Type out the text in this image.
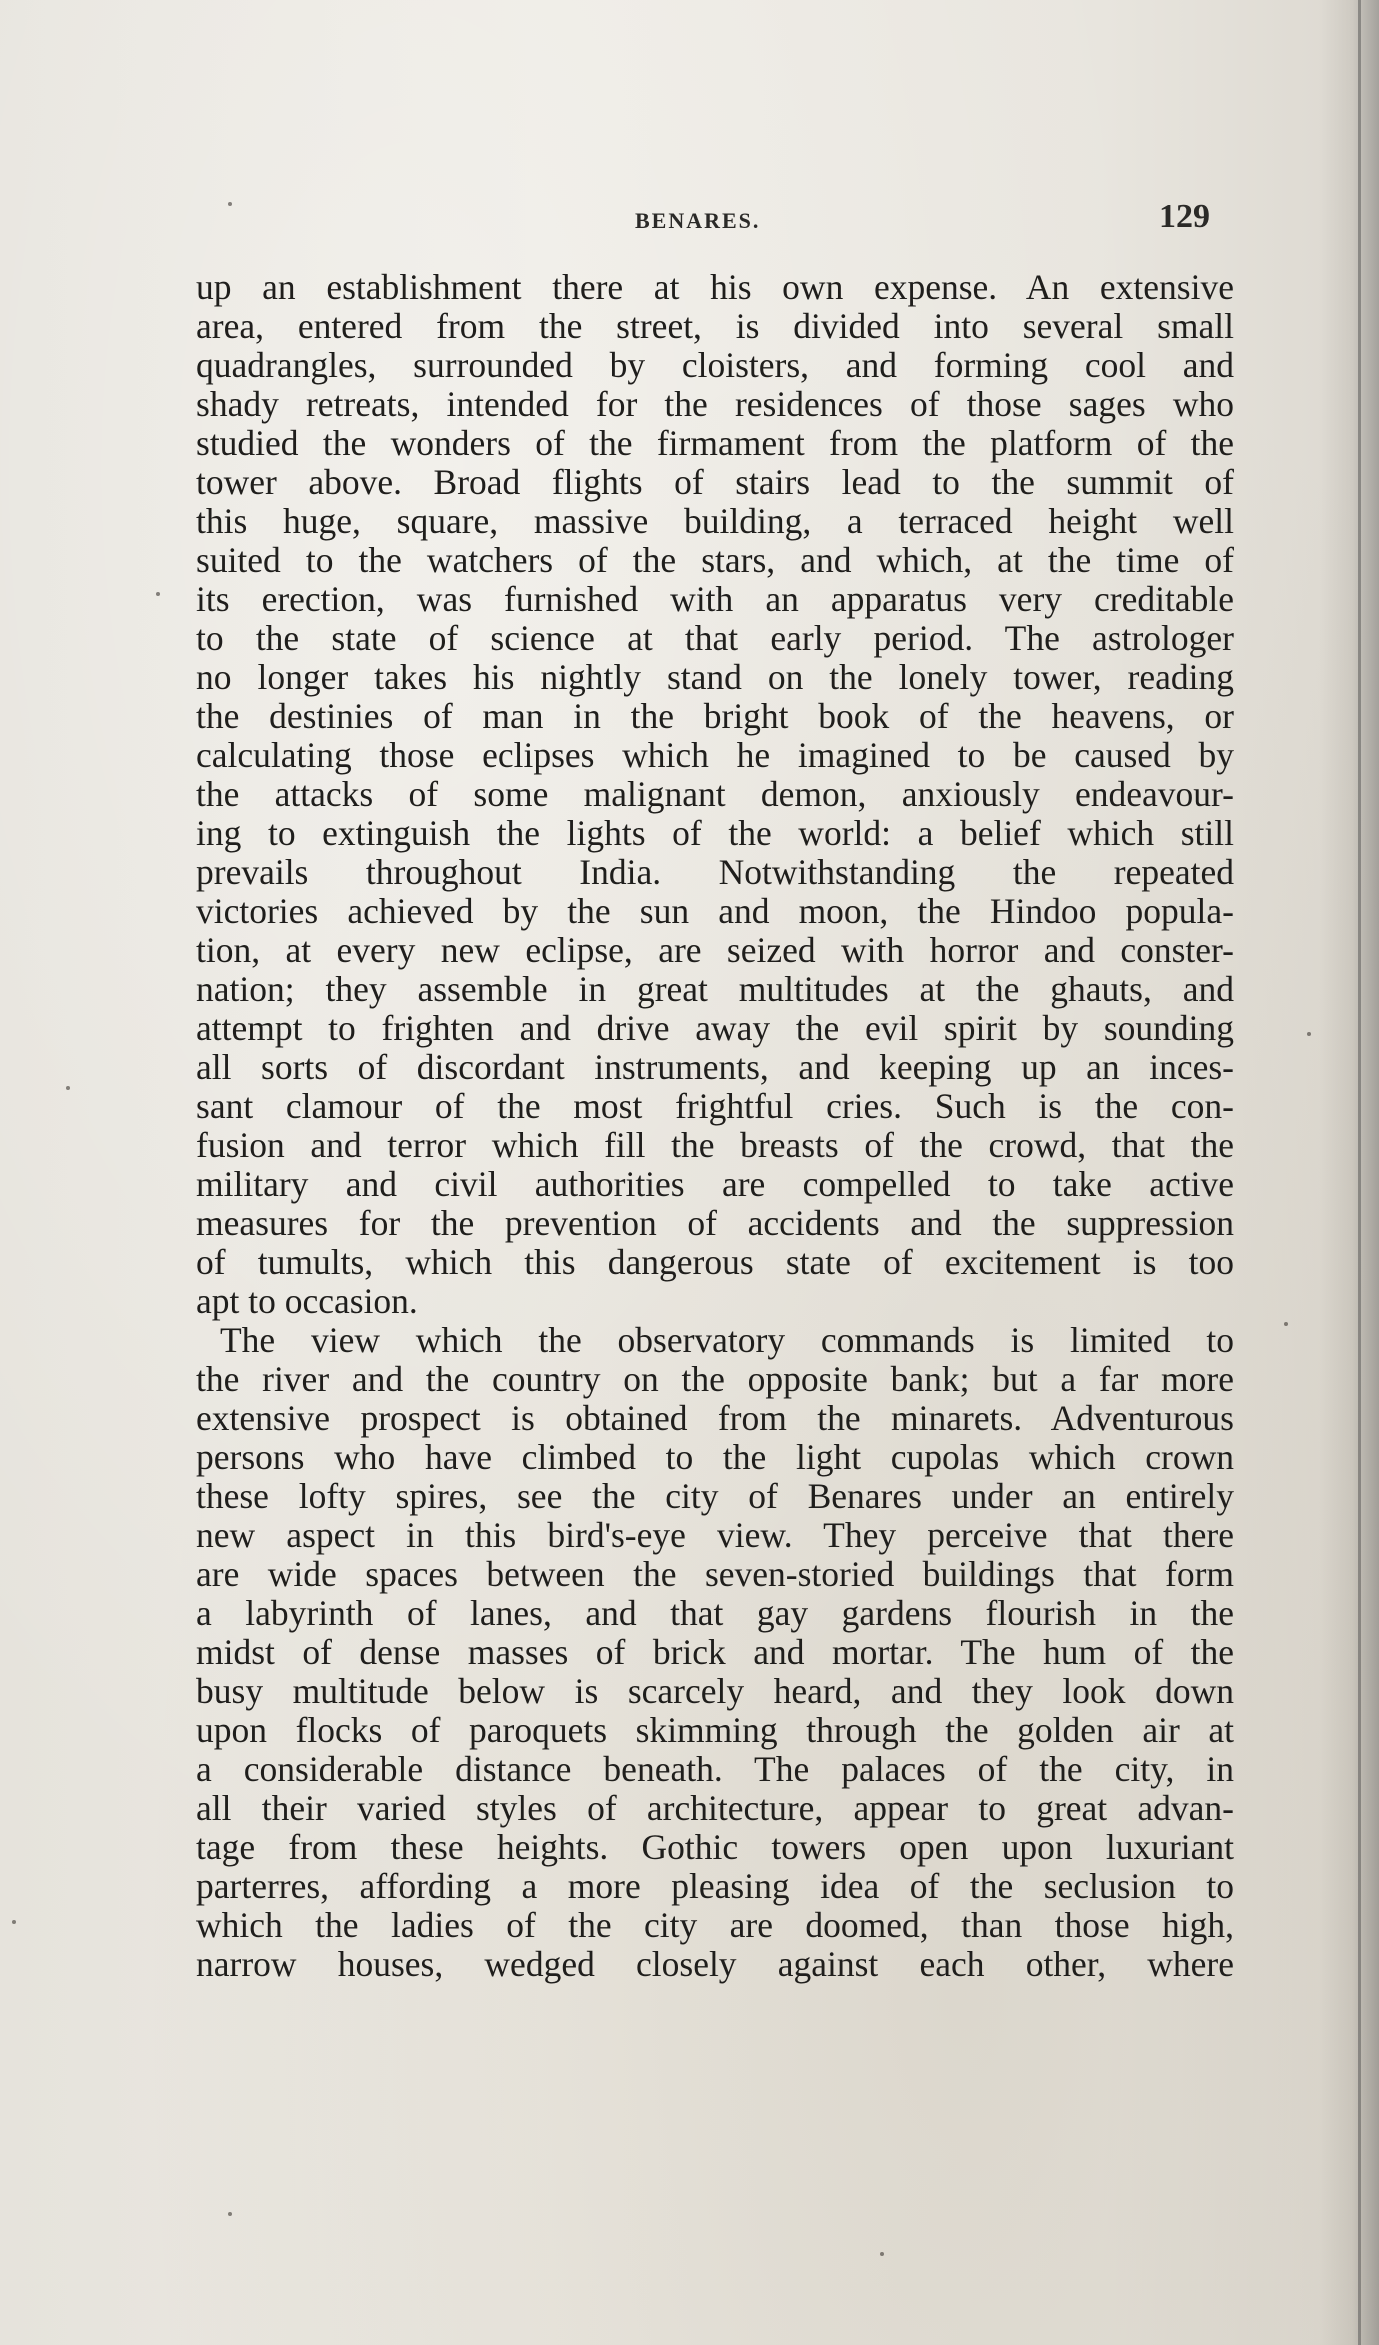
BENARES.	129
up an establishment there at his own expense. An extensive
area, entered from the street, is divided into several small
quadrangles, surrounded by cloisters, and forming cool and
shady retreats, intended for the residences of those sages who
studied the wonders of the firmament from the platform of the
tower above. Broad flights of stairs lead to the summit of
this huge, square, massive building, a terraced height well
suited to the watchers of the stars, and which, at the time of
its erection, was furnished with an apparatus very creditable
to the state of science at that early period. The astrologer
no longer takes his nightly stand on the lonely tower, reading
the destinies of man in the bright book of the heavens, or
calculating those eclipses which he imagined to be caused by
the attacks of some malignant demon, anxiously endeavour-
ing to extinguish the lights of the world: a belief which still
prevails throughout India. Notwithstanding the repeated
victories achieved by the sun and moon, the Hindoo popula-
tion, at every new eclipse, are seized with horror and conster-
nation; they assemble in great multitudes at the ghauts, and
attempt to frighten and drive away the evil spirit by sounding
all sorts of discordant instruments, and keeping up an inces-
sant clamour of the most frightful cries. Such is the con-
fusion and terror which fill the breasts of the crowd, that the
military and civil authorities are compelled to take active
measures for the prevention of accidents and the suppression
of tumults, which this dangerous state of excitement is too
apt to occasion.
The view which the observatory commands is limited to
the river and the country on the opposite bank; but a far more
extensive prospect is obtained from the minarets. Adventurous
persons who have climbed to the light cupolas which crown
these lofty spires, see the city of Benares under an entirely
new aspect in this bird's-eye view. They perceive that there
are wide spaces between the seven-storied buildings that form
a labyrinth of lanes, and that gay gardens flourish in the
midst of dense masses of brick and mortar. The hum of the
busy multitude below is scarcely heard, and they look down
upon flocks of paroquets skimming through the golden air at
a considerable distance beneath. The palaces of the city, in
all their varied styles of architecture, appear to great advan-
tage from these heights. Gothic towers open upon luxuriant
parterres, affording a more pleasing idea of the seclusion to
which the ladies of the city are doomed, than those high,
narrow houses, wedged closely against each other, where
